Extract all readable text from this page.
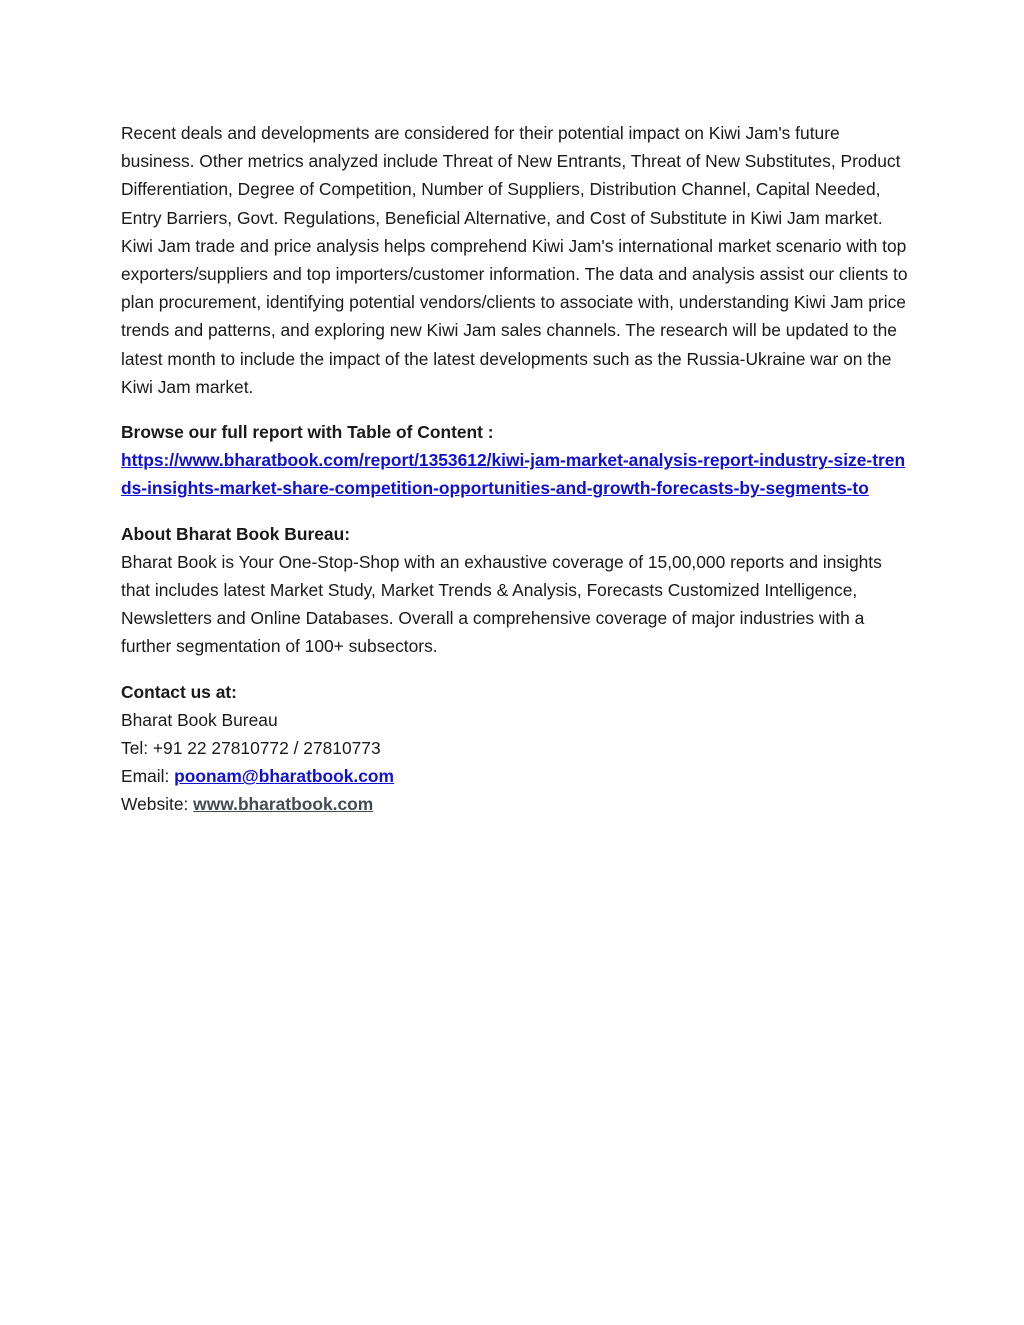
Recent deals and developments are considered for their potential impact on Kiwi Jam's future business. Other metrics analyzed include Threat of New Entrants, Threat of New Substitutes, Product Differentiation, Degree of Competition, Number of Suppliers, Distribution Channel, Capital Needed, Entry Barriers, Govt. Regulations, Beneficial Alternative, and Cost of Substitute in Kiwi Jam market.

Kiwi Jam trade and price analysis helps comprehend Kiwi Jam's international market scenario with top exporters/suppliers and top importers/customer information. The data and analysis assist our clients to plan procurement, identifying potential vendors/clients to associate with, understanding Kiwi Jam price trends and patterns, and exploring new Kiwi Jam sales channels. The research will be updated to the latest month to include the impact of the latest developments such as the Russia-Ukraine war on the Kiwi Jam market.

Browse our full report with Table of Content :

https://www.bharatbook.com/report/1353612/kiwi-jam-market-analysis-report-industry-size-trends-insights-market-share-competition-opportunities-and-growth-forecasts-by-segments-to

About Bharat Book Bureau:

Bharat Book is Your One-Stop-Shop with an exhaustive coverage of 15,00,000 reports and insights that includes latest Market Study, Market Trends & Analysis, Forecasts Customized Intelligence, Newsletters and Online Databases. Overall a comprehensive coverage of major industries with a further segmentation of 100+ subsectors.

Contact us at:

Bharat Book Bureau

Tel: +91 22 27810772 / 27810773

Email: poonam@bharatbook.com

Website: www.bharatbook.com
